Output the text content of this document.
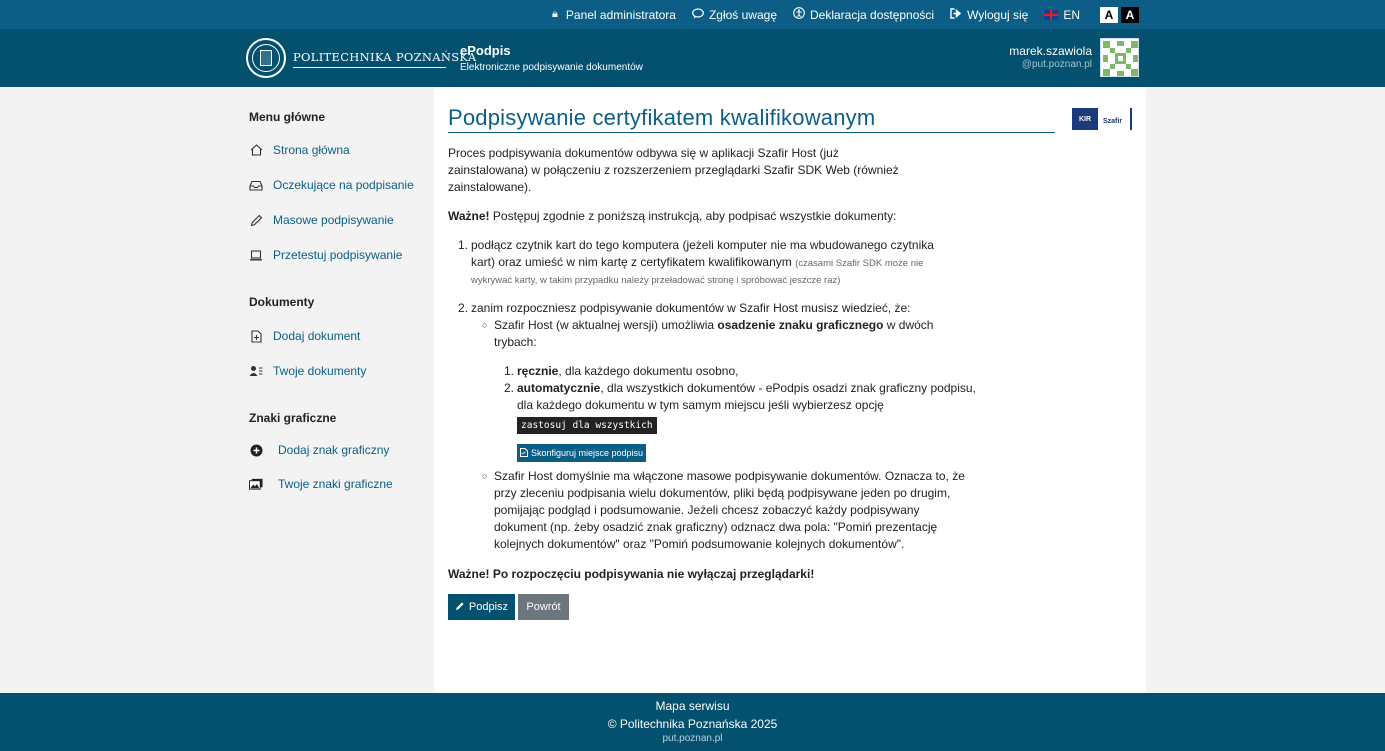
🔒︎ Panel administratora	Zgłoś uwagę	Deklaracja dostępności	Wyloguj się	EN	A	A
POLITECHNIKA POZNAŃSKA
ePodpis
Elektroniczne podpisywanie dokumentów
marek.szawiola
@put.poznan.pl
Menu główne
Strona główna
Oczekujące na podpisanie
Masowe podpisywanie
Przetestuj podpisywanie
Dokumenty
Dodaj dokument
Twoje dokumenty
Znaki graficzne
Dodaj znak graficzny
Twoje znaki graficzne
Podpisywanie certyfikatem kwalifikowanym	KIR	Szafir
Proces podpisywania dokumentów odbywa się w aplikacji Szafir Host (już
zainstalowana) w połączeniu z rozszerzeniem przeglądarki Szafir SDK Web (również
zainstalowane).
Ważne! Postępuj zgodnie z poniższą instrukcją, aby podpisać wszystkie dokumenty:
1. podłącz czytnik kart do tego komputera (jeżeli komputer nie ma wbudowanego czytnika
kart) oraz umieść w nim kartę z certyfikatem kwalifikowanym (czasami Szafir SDK może nie
wykrywać karty, w takim przypadku należy przeładować stronę i spróbować jeszcze raz)
2. zanim rozpoczniesz podpisywanie dokumentów w Szafir Host musisz wiedzieć, że:
○ Szafir Host (w aktualnej wersji) umożliwia osadzenie znaku graficznego w dwóch
trybach:
1. ręcznie, dla każdego dokumentu osobno,
2. automatycznie, dla wszystkich dokumentów - ePodpis osadzi znak graficzny podpisu,
dla każdego dokumentu w tym samym miejscu jeśli wybierzesz opcję
zastosuj dla wszystkich
Skonfiguruj miejsce podpisu
○ Szafir Host domyślnie ma włączone masowe podpisywanie dokumentów. Oznacza to, że
przy zleceniu podpisania wielu dokumentów, pliki będą podpisywane jeden po drugim,
pomijając podgląd i podsumowanie. Jeżeli chcesz zobaczyć każdy podpisywany
dokument (np. żeby osadzić znak graficzny) odznacz dwa pola: "Pomiń prezentację
kolejnych dokumentów" oraz "Pomiń podsumowanie kolejnych dokumentów".
Ważne! Po rozpoczęciu podpisywania nie wyłączaj przeglądarki!
Podpisz	Powrót
Mapa serwisu
© Politechnika Poznańska 2025
put.poznan.pl
